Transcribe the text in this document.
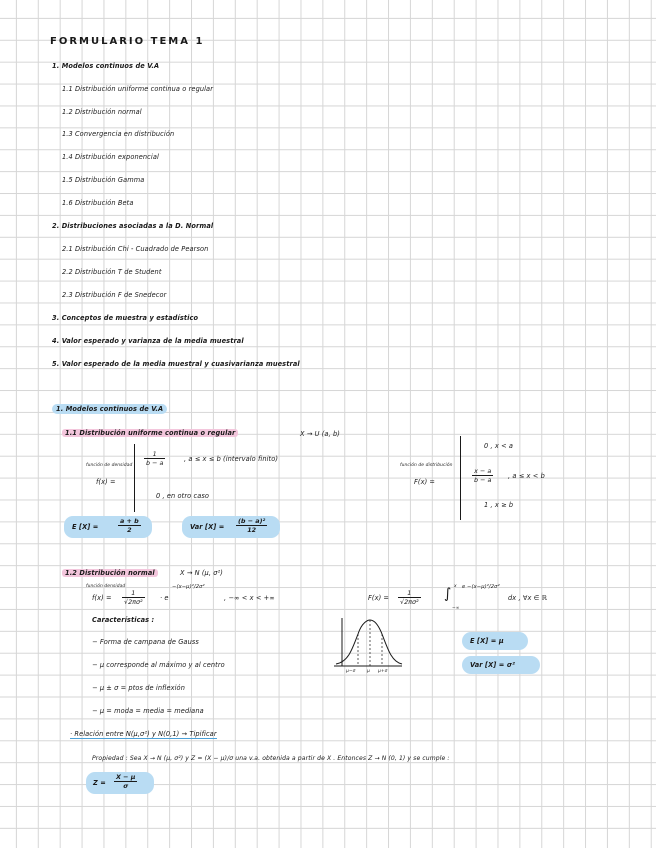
FORMULARIO TEMA 1
1. Modelos continuos de V.A
1.1 Distribución uniforme continua o regular
1.2 Distribución normal
1.3 Convergencia en distribución
1.4 Distribución exponencial
1.5 Distribución Gamma
1.6 Distribución Beta
2. Distribuciones asociadas a la D. Normal
2.1 Distribución Chi - Cuadrado de Pearson
2.2 Distribución T de Student
2.3 Distribución F de Snedecor
3. Conceptos de muestra y estadístico
4. Valor esperado y varianza de la media muestral
5. Valor esperado de la media muestral y cuasivarianza muestral
1. Modelos continuos de V.A
1.1 Distribución uniforme continua o regular	X → U (a, b)
función de densidad
f(x) =
$\frac{1}{b - a}$	, a ≤ x ≤ b (intervalo finito)
0 , en otro caso
función de distribución
F(x) =
0 , x < a
$\frac{x - a}{b - a}$ , a ≤ x < b
1 , x ≥ b
E [X] =	$\frac{a + b}{2}$	Var $[X] = \frac{\text{(b − a)²}}{12}$
1.2 Distribución normal	X → N (μ, σ²)
función densidad
$f(x) = \frac{1}{\text{√2πσ²}} \cdot e$
−(x−μ)²/2σ²
, −∞ < x < +∞	$F(x) = \frac{1}{\text{√2πσ²}}$ ∫ x
−∞
e −(x−μ)²/2σ²
dx , ∀x ∈ ℝ
Características :
− Forma de campana de Gauss
− μ corresponde al máximo y al centro
− μ ± σ = ptos de inflexión
− μ = moda = media = mediana
μ−σ	μ μ+σ
E [X] = μ
Var [X] = σ²
· Relación entre N(μ,σ²) y N(0,1) → Tipificar
Propiedad : Sea X → N (μ, σ²) y Z = (X − μ)/σ una v.a. obtenida a partir de X . Entonces Z → N (0, 1) y se cumple :
$Z = \frac{X - \mu}{\sigma}$
